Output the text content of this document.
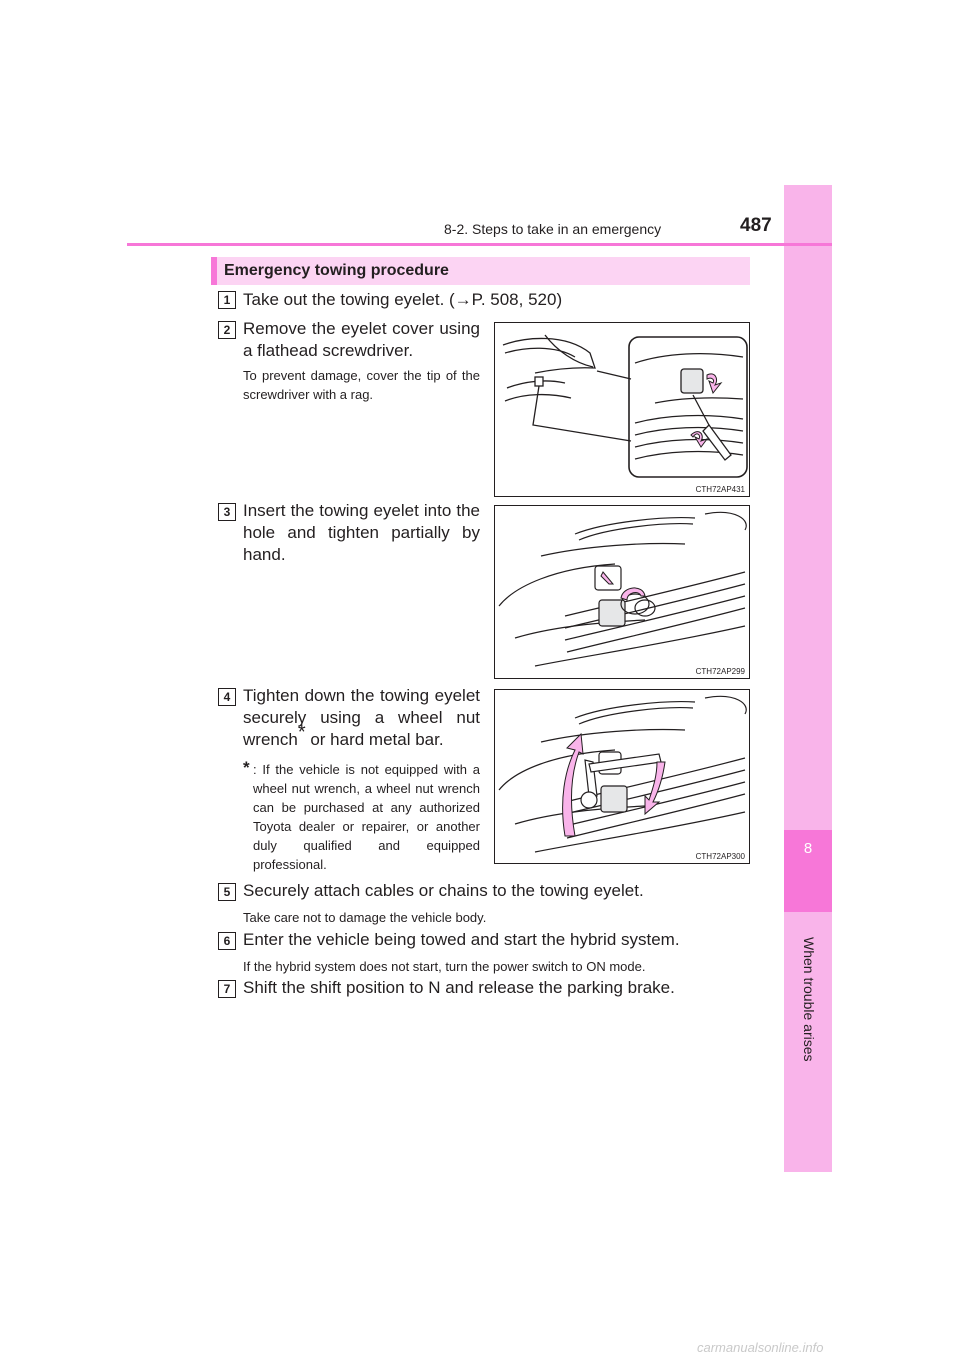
8
When trouble arises
8-2. Steps to take in an emergency	487
Emergency towing procedure
1 Take out the towing eyelet. (→P. 508, 520)
2 Remove the eyelet cover using a flathead screwdriver.
To prevent damage, cover the tip of the screwdriver with a rag.
CTH72AP431
3 Insert the towing eyelet into the hole and tighten partially by hand.
CTH72AP299
4 Tighten down the towing eyelet securely using a wheel nut wrench* or hard metal bar.
* : If the vehicle is not equipped with a wheel nut wrench, a wheel nut wrench can be purchased at any authorized Toyota dealer or repairer, or another duly qualified and equipped professional.
CTH72AP300
5 Securely attach cables or chains to the towing eyelet.
Take care not to damage the vehicle body.
6 Enter the vehicle being towed and start the hybrid system.
If the hybrid system does not start, turn the power switch to ON mode.
7 Shift the shift position to N and release the parking brake.
carmanualsonline.info
